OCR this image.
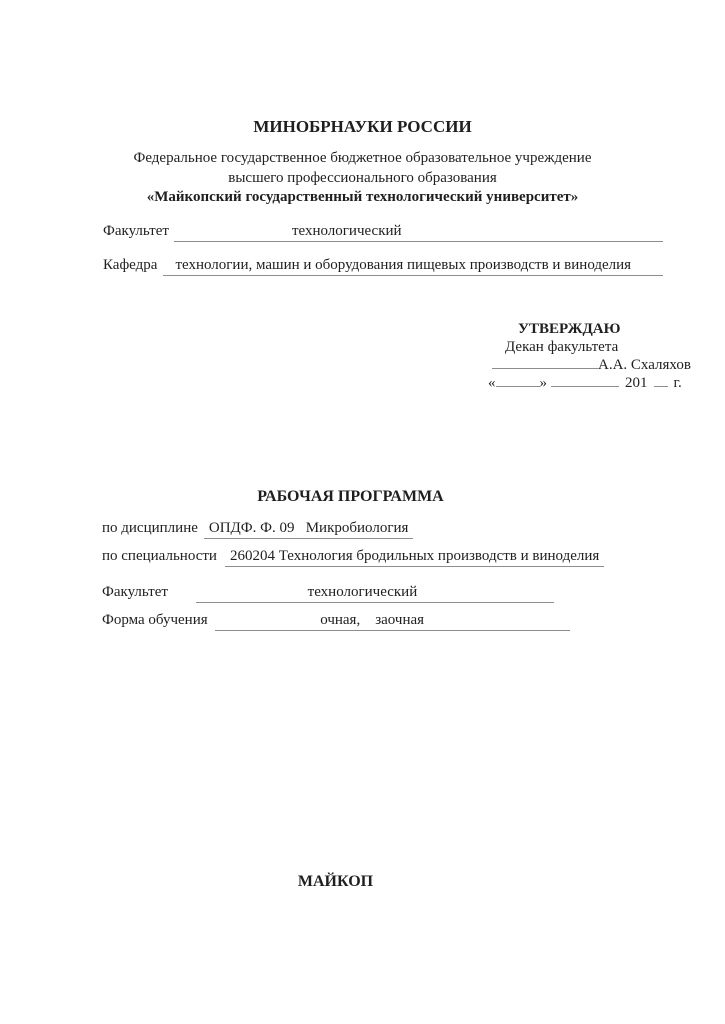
МИНОБРНАУКИ РОССИИ
Федеральное государственное бюджетное образовательное учреждение
высшего профессионального образования
«Майкопский государственный технологический университет»
Факультет	технологический
Кафедра	технологии, машин и оборудования пищевых производств и виноделия
УТВЕРЖДАЮ
Декан факультета
А.А. Схаляхов
«	»	201 г.
РАБОЧАЯ ПРОГРАММА
по дисциплине ОПДФ. Ф. 09   Микробиология
по специальности 260204 Технология бродильных производств и виноделия
Факультет	технологический
Форма обучения	очная,    заочная
МАЙКОП
